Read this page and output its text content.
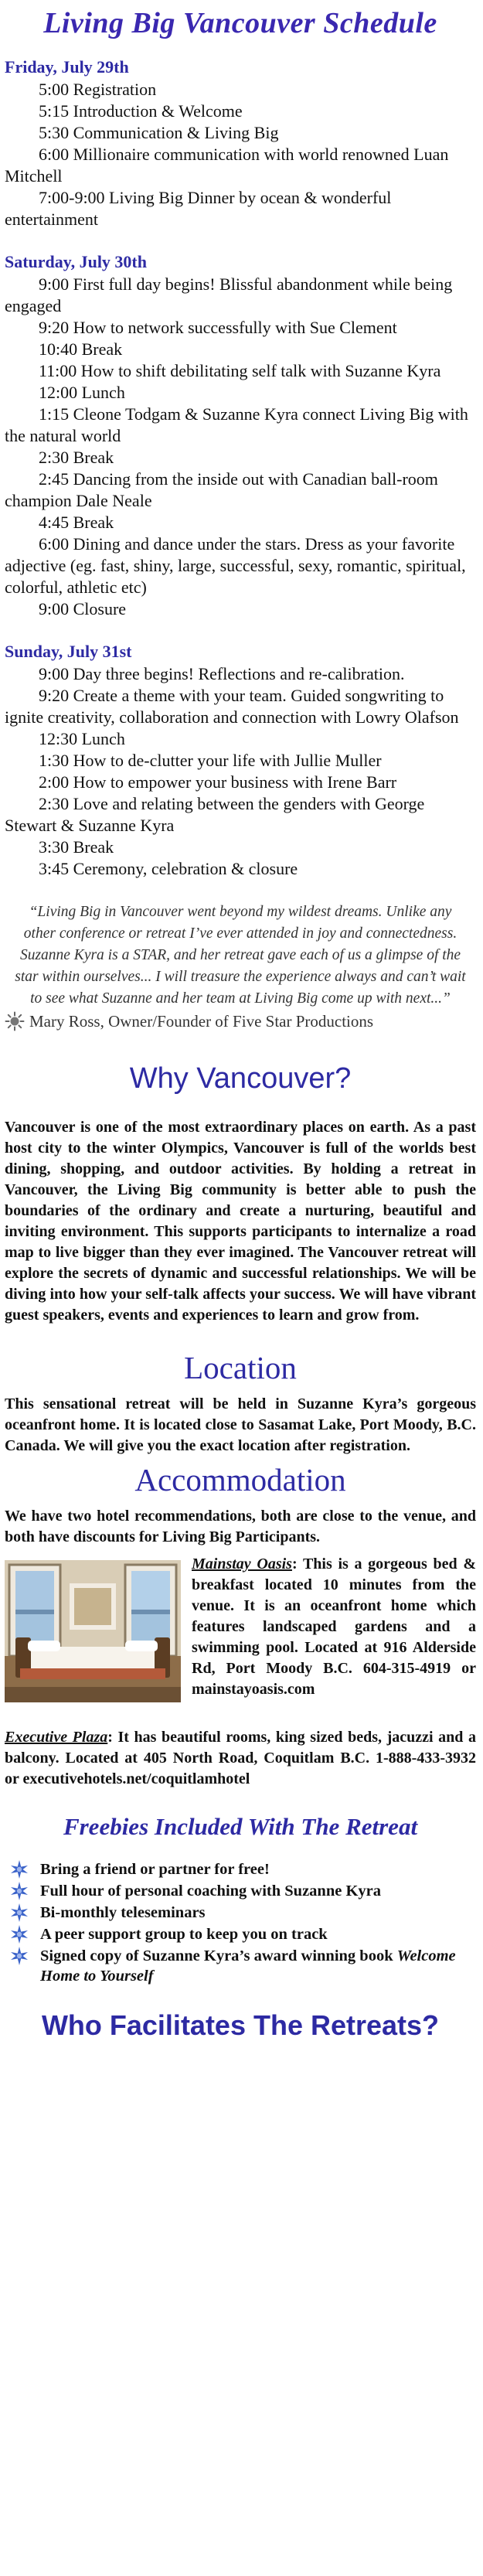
Living Big Vancouver Schedule
Friday, July 29th
5:00 Registration
5:15 Introduction & Welcome
5:30 Communication & Living Big
6:00 Millionaire communication with world renowned Luan Mitchell
7:00-9:00 Living Big Dinner by ocean & wonderful entertainment
Saturday, July 30th
9:00 First full day begins! Blissful abandonment while being engaged
9:20 How to network successfully with Sue Clement
10:40 Break
11:00 How to shift debilitating self talk with Suzanne Kyra
12:00 Lunch
1:15 Cleone Todgam & Suzanne Kyra connect Living Big with the natural world
2:30 Break
2:45 Dancing from the inside out with Canadian ball-room champion Dale Neale
4:45 Break
6:00 Dining and dance under the stars. Dress as your favorite adjective (eg. fast, shiny, large, successful, sexy, romantic, spiritual, colorful, athletic etc)
9:00 Closure
Sunday, July 31st
9:00 Day three begins! Reflections and re-calibration.
9:20 Create a theme with your team. Guided songwriting to ignite creativity, collaboration and connection with Lowry Olafson
12:30 Lunch
1:30 How to de-clutter your life with Jullie Muller
2:00 How to empower your business with Irene Barr
2:30 Love and relating between the genders with George Stewart & Suzanne Kyra
3:30 Break
3:45 Ceremony, celebration & closure
“Living Big in Vancouver went beyond my wildest dreams. Unlike any other conference or retreat I’ve ever attended in joy and connectedness. Suzanne Kyra is a STAR, and her retreat gave each of us a glimpse of the star within ourselves... I will treasure the experience always and can’t wait to see what Suzanne and her team at Living Big come up with next...”
Mary Ross, Owner/Founder of Five Star Productions
Why Vancouver?

Vancouver is one of the most extraordinary places on earth. As a past host city to the winter Olympics, Vancouver is full of the worlds best dining, shopping, and outdoor activities. By holding a retreat in Vancouver, the Living Big community is better able to push the boundaries of the ordinary and create a nurturing, beautiful and inviting environment. This supports participants to internalize a road map to live bigger than they ever imagined. The Vancouver retreat will explore the secrets of dynamic and successful relationships. We will be diving into how your self-talk affects your success. We will have vibrant guest speakers, events and experiences to learn and grow from.

Location

This sensational retreat will be held in Suzanne Kyra’s gorgeous oceanfront home. It is located close to Sasamat Lake, Port Moody, B.C. Canada. We will give you the exact location after registration.

Accommodation

We have two hotel recommendations, both are close to the venue, and both have discounts for Living Big Participants.

Mainstay Oasis: This is a gorgeous bed & breakfast located 10 minutes from the venue. It is an oceanfront home which features landscaped gardens and a swimming pool. Located at 916 Alderside Rd, Port Moody B.C. 604-315-4919 or mainstayoasis.com

Executive Plaza: It has beautiful rooms, king sized beds, jacuzzi and a balcony. Located at 405 North Road, Coquitlam B.C. 1-888-433-3932 or executivehotels.net/coquitlamhotel

Freebies Included With The Retreat
Bring a friend or partner for free!
Full hour of personal coaching with Suzanne Kyra
Bi-monthly teleseminars
A peer support group to keep you on track
Signed copy of Suzanne Kyra’s award winning book Welcome Home to Yourself
Who Facilitates The Retreats?
